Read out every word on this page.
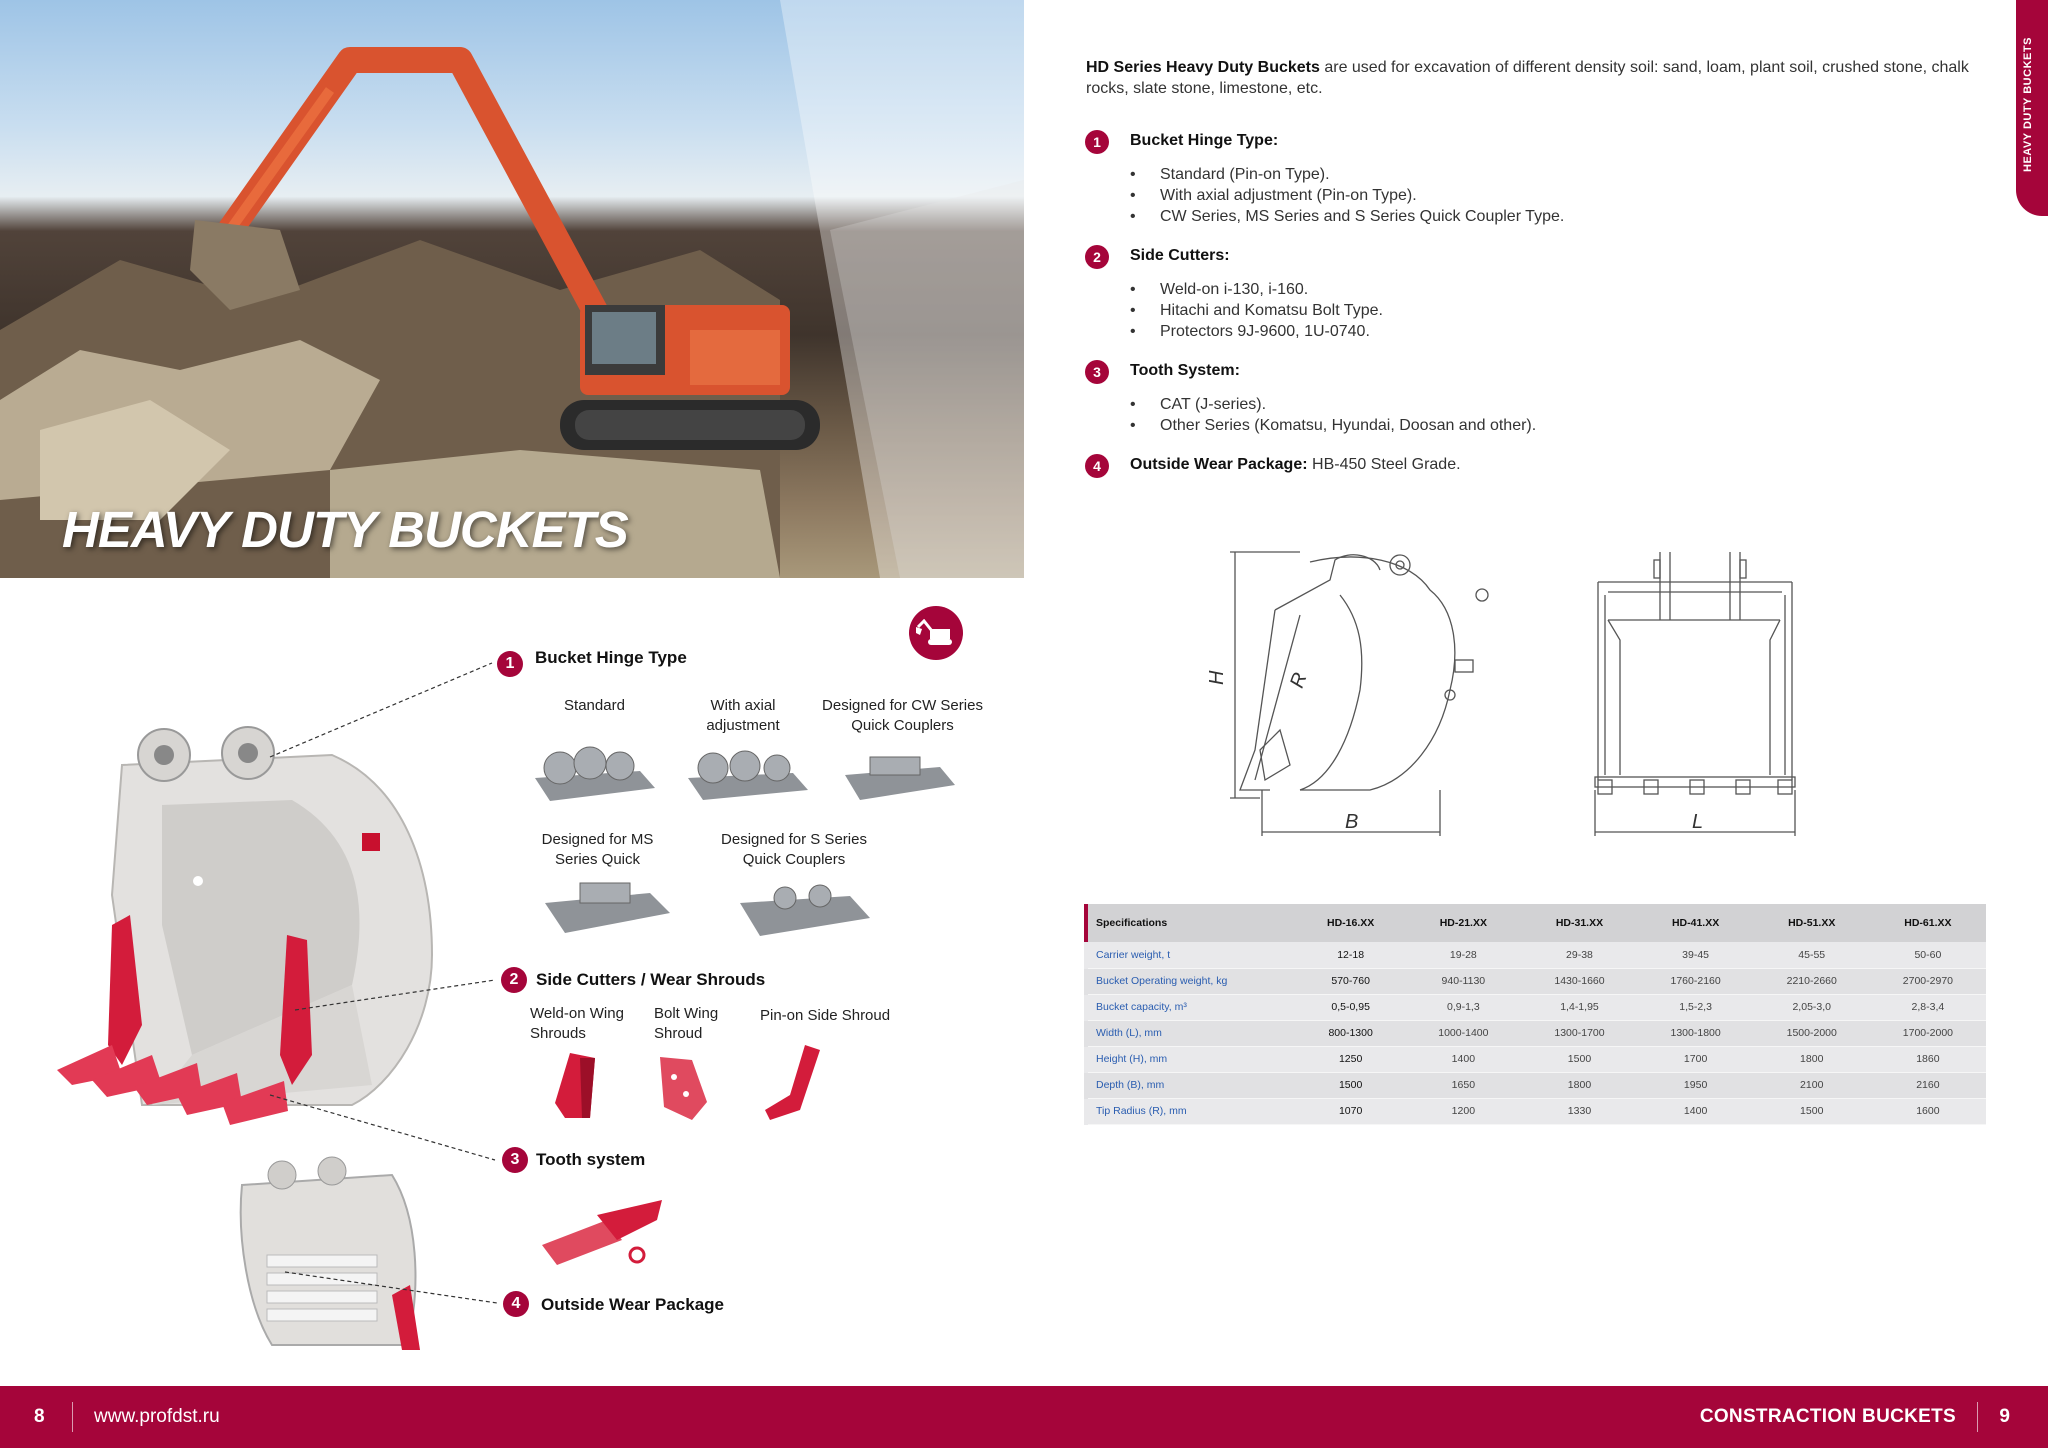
HEAVY DUTY BUCKETS
1	Bucket Hinge Type
Standard	With axial adjustment
Designed for CW Series Quick Couplers
Designed for MS Series Quick
Designed for S Series Quick Couplers
2	Side Cutters / Wear Shrouds
Weld-on Wing Shrouds
Bolt Wing Shroud
Pin-on Side Shroud
3 Tooth system
4	Outside Wear Package
HEAVY DUTY BUCKETS
HD Series Heavy Duty Buckets are used for excavation of different density soil: sand, loam, plant soil, crushed stone, chalk rocks, slate stone, limestone, etc.
1	Bucket Hinge Type:
• Standard (Pin-on Type).
• With axial adjustment (Pin-on Type).
• CW Series, MS Series and S Series Quick Coupler Type.
2	Side Cutters:
• Weld-on i-130, i-160.
• Hitachi and Komatsu Bolt Type.
• Protectors 9J-9600, 1U-0740.
3	Tooth System:
• CAT (J-series).
• Other Series (Komatsu, Hyundai, Doosan and other).
4	Outside Wear Package: HB-450 Steel Grade.
H	R
B	L
Specifications	HD-16.XX	HD-21.XX	HD-31.XX	HD-41.XX	HD-51.XX	HD-61.XX
Carrier weight, t	12-18	19-28	29-38	39-45	45-55	50-60
Bucket Operating weight, kg	570-760	940-1130	1430-1660	1760-2160	2210-2660	2700-2970
Bucket capacity, m³	0,5-0,95	0,9-1,3	1,4-1,95	1,5-2,3	2,05-3,0	2,8-3,4
Width (L), mm	800-1300	1000-1400	1300-1700	1300-1800	1500-2000	1700-2000
Height (H), mm	1250	1400	1500	1700	1800	1860
Depth (B), mm	1500	1650	1800	1950	2100	2160
Tip Radius (R), mm	1070	1200	1330	1400	1500	1600
8	www.profdst.ru	CONSTRACTION BUCKETS 9
